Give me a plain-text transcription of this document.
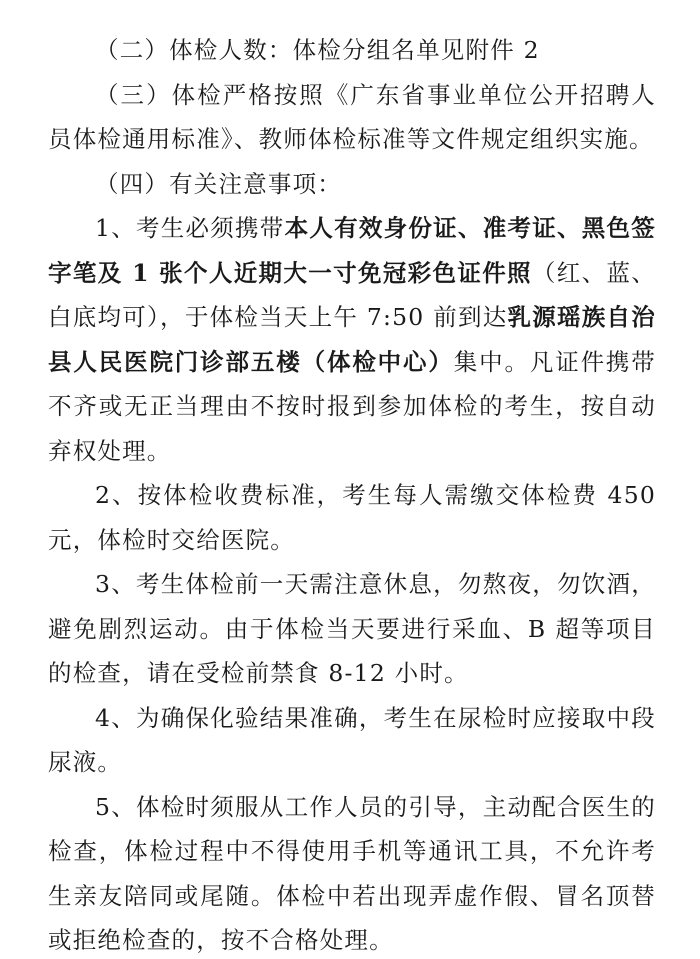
（二）体检人数：体检分组名单见附件 2

（三）体检严格按照《广东省事业单位公开招聘人员体检通用标准》、教师体检标准等文件规定组织实施。

（四）有关注意事项：

1、考生必须携带本人有效身份证、准考证、黑色签字笔及 1 张个人近期大一寸免冠彩色证件照（红、蓝、白底均可），于体检当天上午 7:50 前到达乳源瑶族自治县人民医院门诊部五楼（体检中心）集中。凡证件携带不齐或无正当理由不按时报到参加体检的考生，按自动弃权处理。

2、按体检收费标准，考生每人需缴交体检费 450 元，体检时交给医院。

3、考生体检前一天需注意休息，勿熬夜，勿饮酒，避免剧烈运动。由于体检当天要进行采血、B 超等项目的检查，请在受检前禁食 8-12 小时。

4、为确保化验结果准确，考生在尿检时应接取中段尿液。

5、体检时须服从工作人员的引导，主动配合医生的检查，体检过程中不得使用手机等通讯工具，不允许考生亲友陪同或尾随。体检中若出现弄虚作假、冒名顶替或拒绝检查的，按不合格处理。
